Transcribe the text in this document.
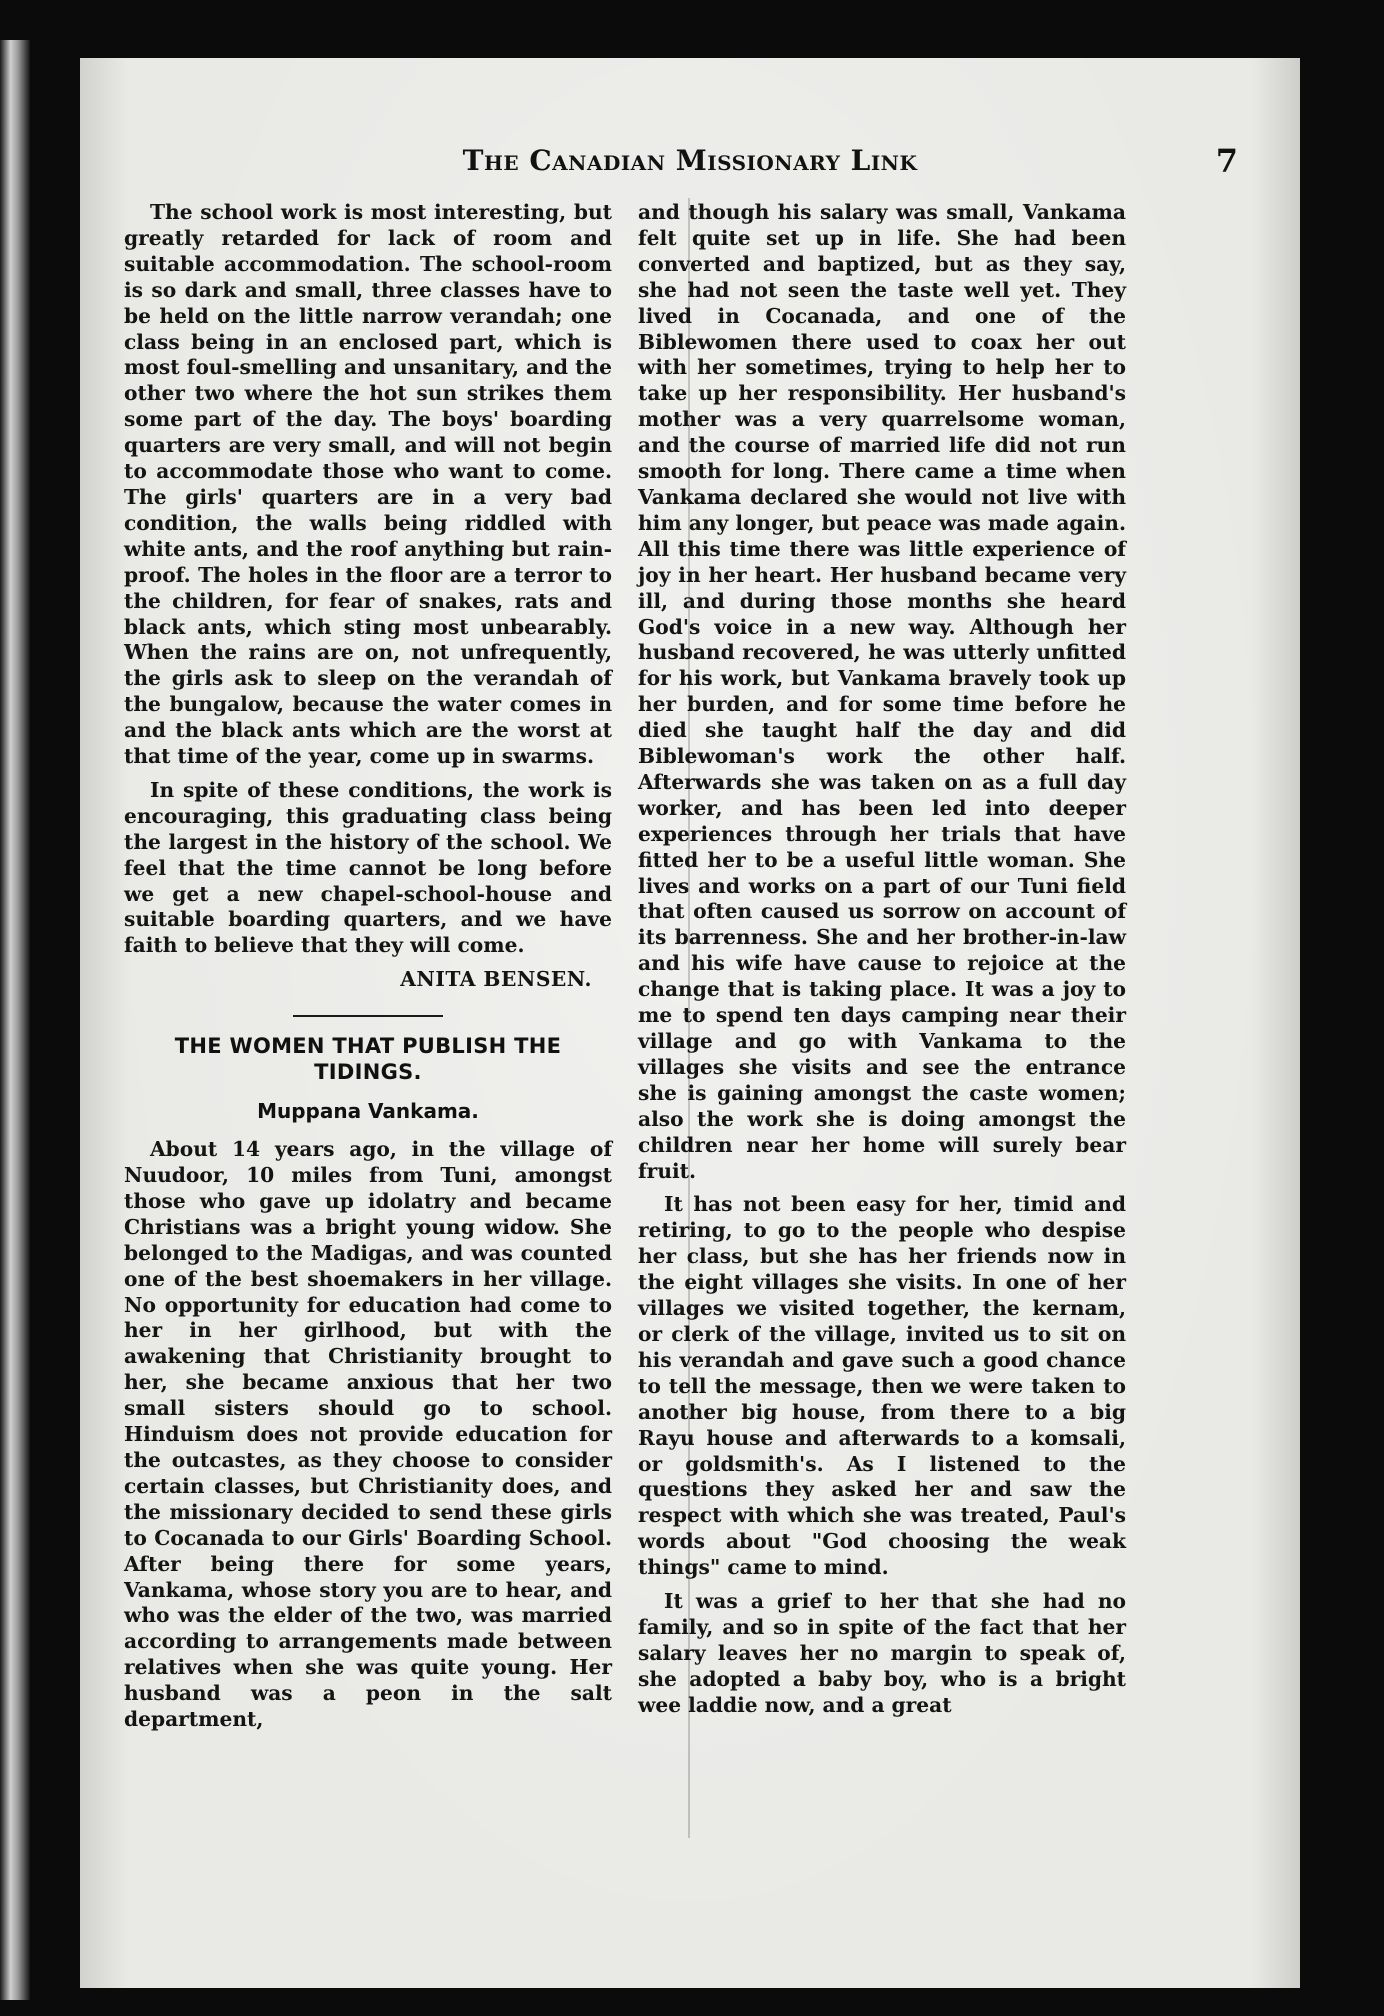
The Canadian Missionary Link	7

The school work is most interesting, but greatly retarded for lack of room and suitable accommodation. The school-room is so dark and small, three classes have to be held on the little narrow verandah; one class being in an enclosed part, which is most foul-smelling and unsanitary, and the other two where the hot sun strikes them some part of the day. The boys' boarding quarters are very small, and will not begin to accommodate those who want to come. The girls' quarters are in a very bad condition, the walls being riddled with white ants, and the roof anything but rain-proof. The holes in the floor are a terror to the children, for fear of snakes, rats and black ants, which sting most unbearably. When the rains are on, not unfrequently, the girls ask to sleep on the verandah of the bungalow, because the water comes in and the black ants which are the worst at that time of the year, come up in swarms.

In spite of these conditions, the work is encouraging, this graduating class being the largest in the history of the school. We feel that the time cannot be long before we get a new chapel-school-house and suitable boarding quarters, and we have faith to believe that they will come.

ANITA BENSEN.

THE WOMEN THAT PUBLISH THE TIDINGS.
Muppana Vankama.

About 14 years ago, in the village of Nuudoor, 10 miles from Tuni, amongst those who gave up idolatry and became Christians was a bright young widow. She belonged to the Madigas, and was counted one of the best shoemakers in her village. No opportunity for education had come to her in her girlhood, but with the awakening that Christianity brought to her, she became anxious that her two small sisters should go to school. Hinduism does not provide education for the outcastes, as they choose to consider certain classes, but Christianity does, and the missionary decided to send these girls to Cocanada to our Girls' Boarding School. After being there for some years, Vankama, whose story you are to hear, and who was the elder of the two, was married according to arrangements made between relatives when she was quite young. Her husband was a peon in the salt department,

and though his salary was small, Vankama felt quite set up in life. She had been converted and baptized, but as they say, she had not seen the taste well yet. They lived in Cocanada, and one of the Biblewomen there used to coax her out with her sometimes, trying to help her to take up her responsibility. Her husband's mother was a very quarrelsome woman, and the course of married life did not run smooth for long. There came a time when Vankama declared she would not live with him any longer, but peace was made again. All this time there was little experience of joy in her heart. Her husband became very ill, and during those months she heard God's voice in a new way. Although her husband recovered, he was utterly unfitted for his work, but Vankama bravely took up her burden, and for some time before he died she taught half the day and did Biblewoman's work the other half. Afterwards she was taken on as a full day worker, and has been led into deeper experiences through her trials that have fitted her to be a useful little woman. She lives and works on a part of our Tuni field that often caused us sorrow on account of its barrenness. She and her brother-in-law and his wife have cause to rejoice at the change that is taking place. It was a joy to me to spend ten days camping near their village and go with Vankama to the villages she visits and see the entrance she is gaining amongst the caste women; also the work she is doing amongst the children near her home will surely bear fruit.

It has not been easy for her, timid and retiring, to go to the people who despise her class, but she has her friends now in the eight villages she visits. In one of her villages we visited together, the kernam, or clerk of the village, invited us to sit on his verandah and gave such a good chance to tell the message, then we were taken to another big house, from there to a big Rayu house and afterwards to a komsali, or goldsmith's. As I listened to the questions they asked her and saw the respect with which she was treated, Paul's words about "God choosing the weak things" came to mind.

It was a grief to her that she had no family, and so in spite of the fact that her salary leaves her no margin to speak of, she adopted a baby boy, who is a bright wee laddie now, and a great
